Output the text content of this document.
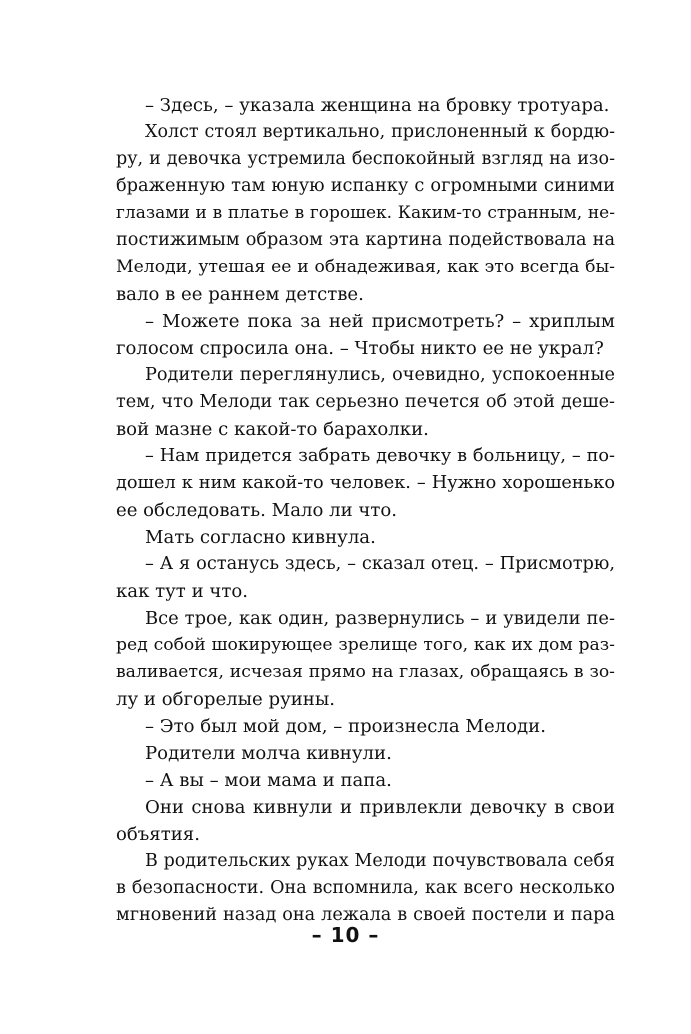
– Здесь, – указала женщина на бровку тротуара.
Холст стоял вертикально, прислоненный к бордю-
ру, и девочка устремила беспокойный взгляд на изо-
браженную там юную испанку с огромными синими
глазами и в платье в горошек. Каким-то странным, не-
постижимым образом эта картина подействовала на
Мелоди, утешая ее и обнадеживая, как это всегда бы-
вало в ее раннем детстве.
– Можете пока за ней присмотреть? – хриплым
голосом спросила она. – Чтобы никто ее не украл?
Родители переглянулись, очевидно, успокоенные
тем, что Мелоди так серьезно печется об этой деше-
вой мазне с какой-то барахолки.
– Нам придется забрать девочку в больницу, – по-
дошел к ним какой-то человек. – Нужно хорошенько
ее обследовать. Мало ли что.
Мать согласно кивнула.
– А я останусь здесь, – сказал отец. – Присмотрю,
как тут и что.
Все трое, как один, развернулись – и увидели пе-
ред собой шокирующее зрелище того, как их дом раз-
валивается, исчезая прямо на глазах, обращаясь в зо-
лу и обгорелые руины.
– Это был мой дом, – произнесла Мелоди.
Родители молча кивнули.
– А вы – мои мама и папа.
Они снова кивнули и привлекли девочку в свои
объятия.
В родительских руках Мелоди почувствовала себя
в безопасности. Она вспомнила, как всего несколько
мгновений назад она лежала в своей постели и пара
– 10 –
